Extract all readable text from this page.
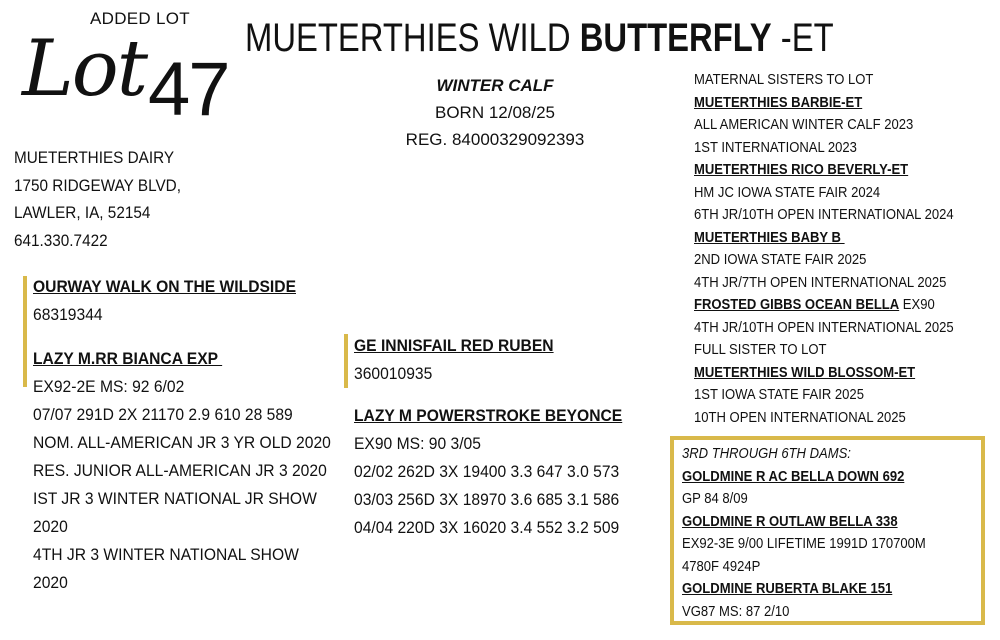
ADDED LOT
Lot 47
MUETERTHIES WILD BUTTERFLY -ET
WINTER CALF
BORN 12/08/25
REG. 84000329092393
MUETERTHIES DAIRY
1750 RIDGEWAY BLVD,
LAWLER, IA, 52154
641.330.7422
OURWAY WALK ON THE WILDSIDE
68319344
LAZY M.RR BIANCA EXP
EX92-2E MS: 92 6/02
07/07 291D 2X 21170 2.9 610 28 589
NOM. ALL-AMERICAN JR 3 YR OLD 2020
RES. JUNIOR ALL-AMERICAN JR 3 2020
IST JR 3 WINTER NATIONAL JR SHOW
2020
4TH JR 3 WINTER NATIONAL SHOW
2020
GE INNISFAIL RED RUBEN
360010935
LAZY M POWERSTROKE BEYONCE
EX90 MS: 90 3/05
02/02 262D 3X 19400 3.3 647 3.0 573
03/03 256D 3X 18970 3.6 685 3.1 586
04/04 220D 3X 16020 3.4 552 3.2 509
MATERNAL SISTERS TO LOT
MUETERTHIES BARBIE-ET
ALL AMERICAN WINTER CALF 2023
1ST INTERNATIONAL 2023
MUETERTHIES RICO BEVERLY-ET
HM JC IOWA STATE FAIR 2024
6TH JR/10TH OPEN INTERNATIONAL 2024
MUETERTHIES BABY B
2ND IOWA STATE FAIR 2025
4TH JR/7TH OPEN INTERNATIONAL 2025
FROSTED GIBBS OCEAN BELLA EX90
4TH JR/10TH OPEN INTERNATIONAL 2025
FULL SISTER TO LOT
MUETERTHIES WILD BLOSSOM-ET
1ST IOWA STATE FAIR 2025
10TH OPEN INTERNATIONAL 2025
3RD THROUGH 6TH DAMS:
GOLDMINE R AC BELLA DOWN 692
GP 84 8/09
GOLDMINE R OUTLAW BELLA 338
EX92-3E 9/00 LIFETIME 1991D 170700M
4780F 4924P
GOLDMINE RUBERTA BLAKE 151
VG87 MS: 87 2/10
